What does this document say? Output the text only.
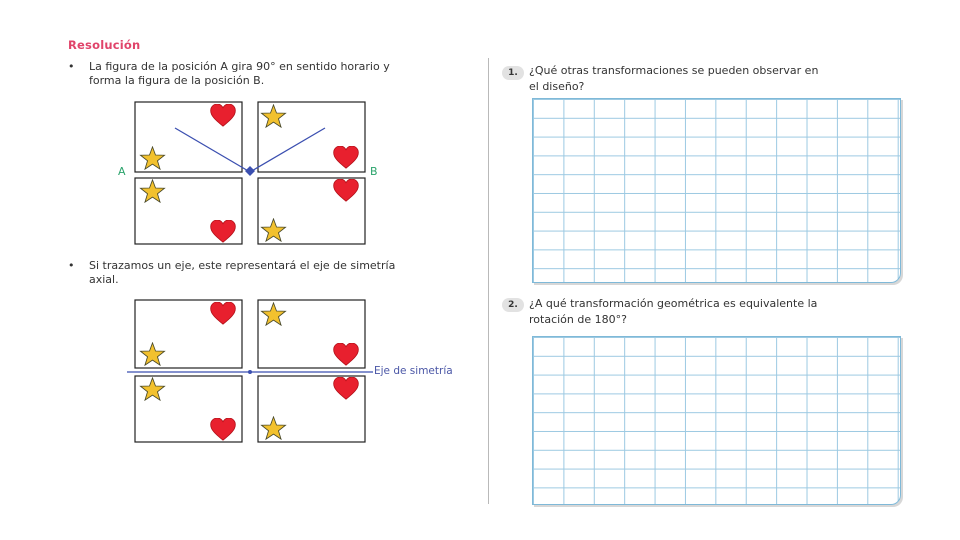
Resolución
• La figura de la posición A gira 90° en sentido horario y
forma la figura de la posición B.
A	B
• Si trazamos un eje, este representará el eje de simetría
axial.
Eje de simetría
1.	¿Qué otras transformaciones se pueden observar en
el diseño?
2.	¿A qué transformación geométrica es equivalente la
rotación de 180°?
